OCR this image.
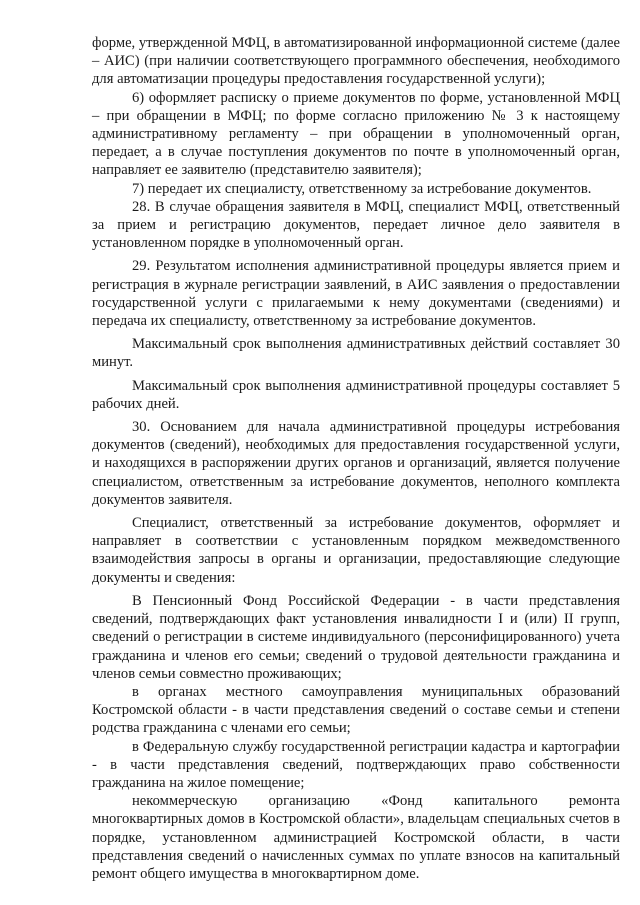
форме, утвержденной МФЦ, в автоматизированной информационной системе (далее – АИС) (при наличии соответствующего программного обеспечения, необходимого для автоматизации процедуры предоставления государственной услуги);

6) оформляет расписку о приеме документов по форме, установленной МФЦ – при обращении в МФЦ; по форме согласно приложению № 3 к настоящему административному регламенту – при обращении в уполномоченный орган, передает, а в случае поступления документов по почте в уполномоченный орган, направляет ее заявителю (представителю заявителя);

7) передает их специалисту, ответственному за истребование документов.

28. В случае обращения заявителя в МФЦ, специалист МФЦ, ответственный за прием и регистрацию документов, передает личное дело заявителя в установленном порядке в уполномоченный орган.

29. Результатом исполнения административной процедуры является прием и регистрация в журнале регистрации заявлений, в АИС заявления о предоставлении государственной услуги с прилагаемыми к нему документами (сведениями) и передача их специалисту, ответственному за истребование документов.

Максимальный срок выполнения административных действий составляет 30 минут.

Максимальный срок выполнения административной процедуры составляет 5 рабочих дней.

30. Основанием для начала административной процедуры истребования документов (сведений), необходимых для предоставления государственной услуги, и находящихся в распоряжении других органов и организаций, является получение специалистом, ответственным за истребование документов, неполного комплекта документов заявителя.

Специалист, ответственный за истребование документов, оформляет и направляет в соответствии с установленным порядком межведомственного взаимодействия запросы в органы и организации, предоставляющие следующие документы и сведения:

В Пенсионный Фонд Российской Федерации - в части представления сведений, подтверждающих факт установления инвалидности I и (или) II групп, сведений о регистрации в системе индивидуального (персонифицированного) учета гражданина и членов его семьи; сведений о трудовой деятельности гражданина и членов семьи совместно проживающих;

в органах местного самоуправления муниципальных образований Костромской области - в части представления сведений о составе семьи и степени родства гражданина с членами его семьи;

в Федеральную службу государственной регистрации кадастра и картографии - в части представления сведений, подтверждающих право собственности гражданина на жилое помещение;

некоммерческую организацию «Фонд капитального ремонта многоквартирных домов в Костромской области», владельцам специальных счетов в порядке, установленном администрацией Костромской области, в части представления сведений о начисленных суммах по уплате взносов на капитальный ремонт общего имущества в многоквартирном доме.
